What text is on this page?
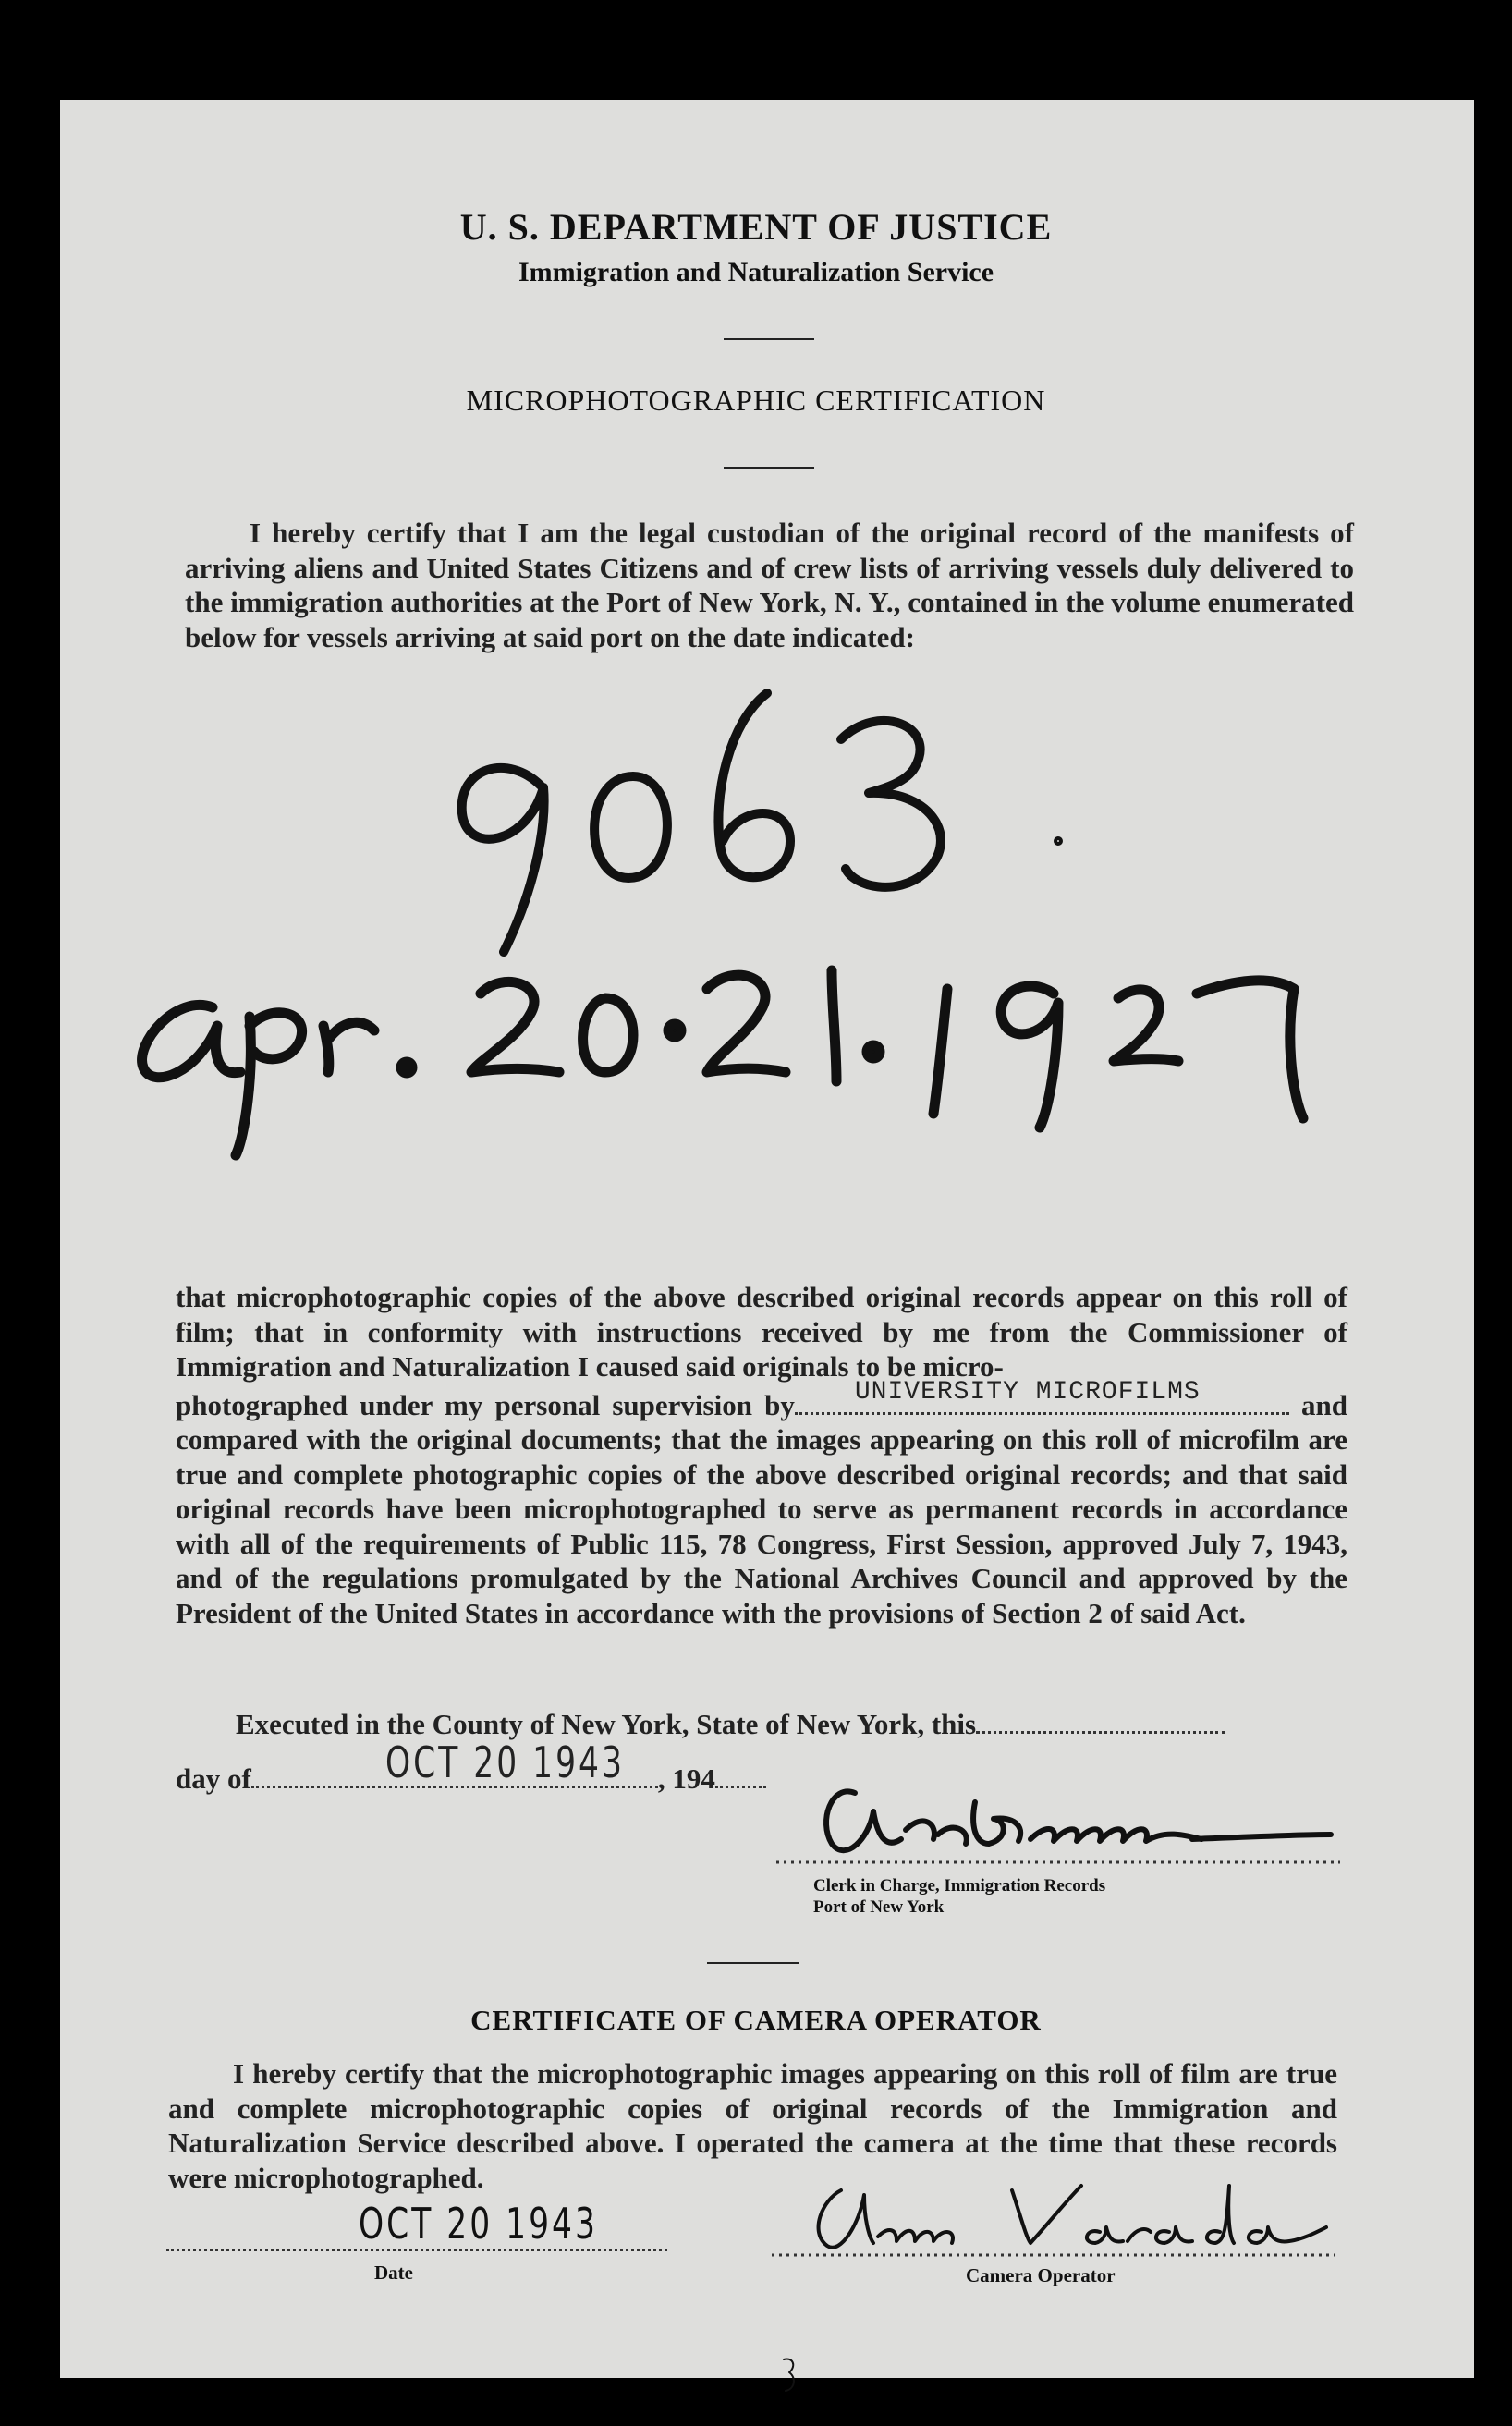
U. S. DEPARTMENT OF JUSTICE
Immigration and Naturalization Service
MICROPHOTOGRAPHIC CERTIFICATION
I hereby certify that I am the legal custodian of the original record of the manifests of arriving aliens and United States Citizens and of crew lists of arriving vessels duly delivered to the immigration authorities at the Port of New York, N. Y., contained in the volume enumerated below for vessels arriving at said port on the date indicated:
that microphotographic copies of the above described original records appear on this roll of film; that in conformity with instructions received by me from the Commissioner of Immigration and Naturalization I caused said originals to be micro-
photographed under my personal supervision by UNIVERSITY MICROFILMS	and compared with the original documents; that the images appearing on this roll of microfilm are true and complete photographic copies of the above described original records; and that said original records have been microphotographed to serve as permanent records in accordance with all of the requirements of Public 115, 78 Congress, First Session, approved July 7, 1943, and of the regulations promulgated by the National Archives Council and approved by the President of the United States in accordance with the provisions of Section 2 of said Act.
Executed in the County of New York, State of New York, this
day of	OCT 20 1943 , 194
Clerk in Charge, Immigration Records
Port of New York
CERTIFICATE OF CAMERA OPERATOR
I hereby certify that the microphotographic images appearing on this roll of film are true and complete microphotographic copies of original records of the Immigration and Naturalization Service described above. I operated the camera at the time that these records were microphotographed.
OCT 20 1943
Date	Camera Operator
